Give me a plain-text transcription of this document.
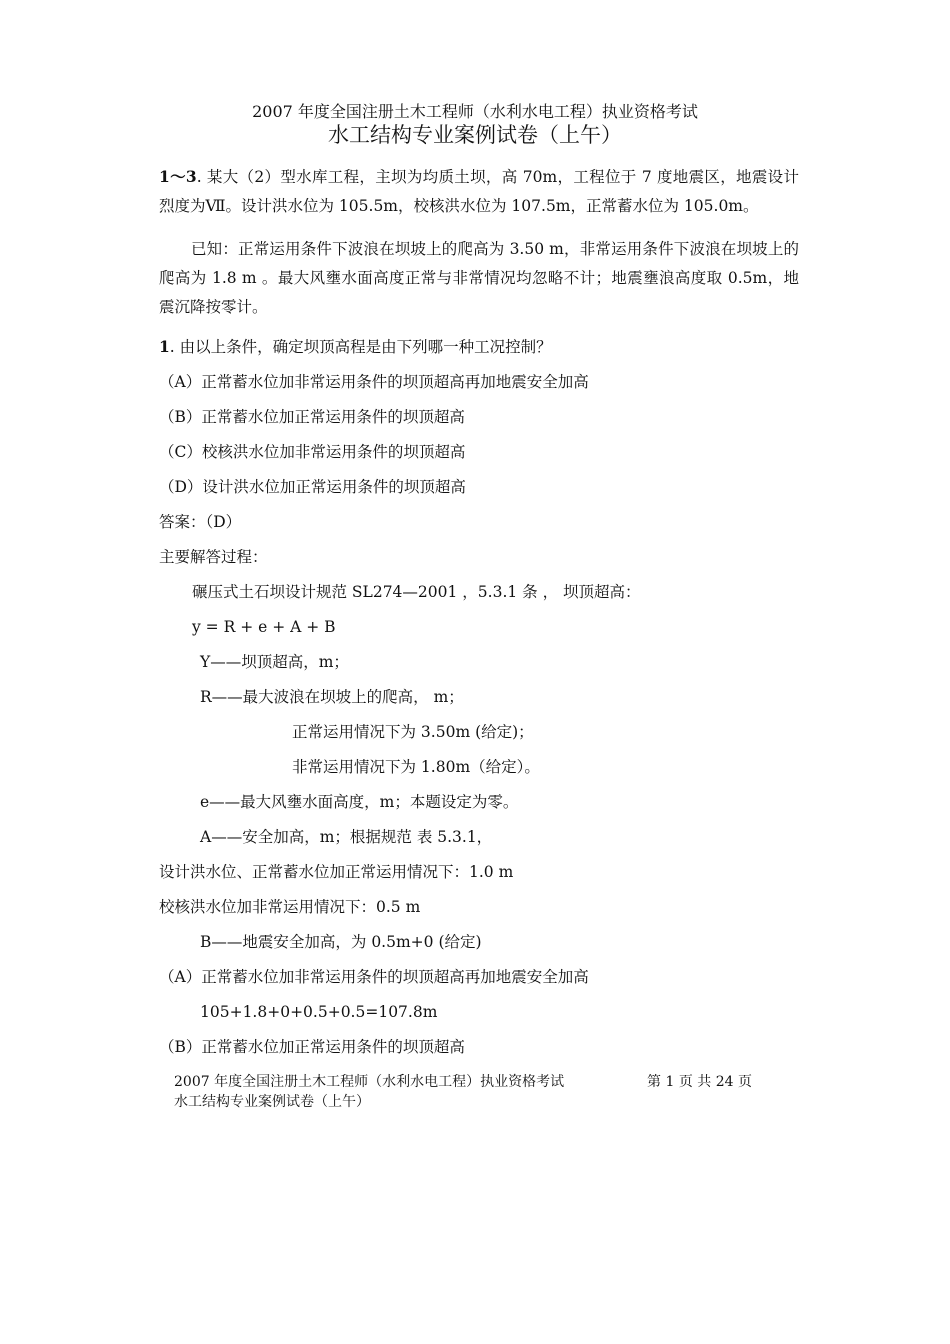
2007 年度全国注册土木工程师（水利水电工程）执业资格考试
水工结构专业案例试卷（上午）

1～3. 某大（2）型水库工程，主坝为均质土坝，高 70m，工程位于 7 度地震区，地震设计烈度为Ⅶ。设计洪水位为 105.5m，校核洪水位为 107.5m，正常蓄水位为 105.0m。

已知：正常运用条件下波浪在坝坡上的爬高为 3.50 m，非常运用条件下波浪在坝坡上的爬高为 1.8 m 。最大风壅水面高度正常与非常情况均忽略不计；地震壅浪高度取 0.5m，地震沉降按零计。

1. 由以上条件，确定坝顶高程是由下列哪一种工况控制？
（A）正常蓄水位加非常运用条件的坝顶超高再加地震安全加高
（B）正常蓄水位加正常运用条件的坝顶超高
（C）校核洪水位加非常运用条件的坝顶超高
（D）设计洪水位加正常运用条件的坝顶超高
答案：（D）
主要解答过程：
碾压式土石坝设计规范 SL274—2001 ，5.3.1 条 ， 坝顶超高：
y = R + e + A + B
Y——坝顶超高，m；
R——最大波浪在坝坡上的爬高， m；
正常运用情况下为 3.50m (给定)；
非常运用情况下为 1.80m（给定）。
e——最大风壅水面高度，m；本题设定为零。
A——安全加高，m；根据规范 表 5.3.1，
设计洪水位、正常蓄水位加正常运用情况下：1.0 m
校核洪水位加非常运用情况下：0.5 m
B——地震安全加高，为 0.5m+0 (给定)
（A）正常蓄水位加非常运用条件的坝顶超高再加地震安全加高
105+1.8+0+0.5+0.5=107.8m
（B）正常蓄水位加正常运用条件的坝顶超高
2007 年度全国注册土木工程师（水利水电工程）执业资格考试	第 1 页 共 24 页
水工结构专业案例试卷（上午）
